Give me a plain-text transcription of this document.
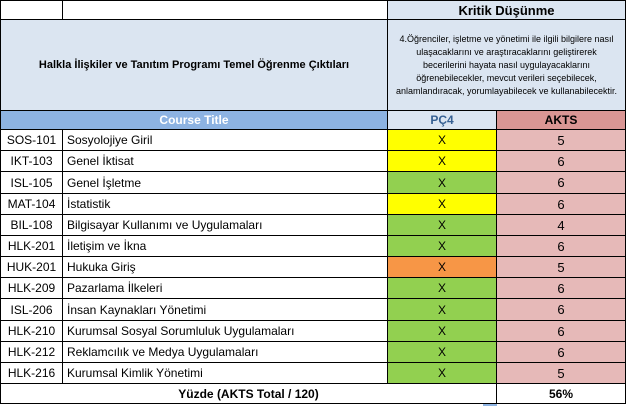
Kritik Düşünme
Halkla İlişkiler ve Tanıtım Programı Temel Öğrenme Çıktıları
4.Öğrenciler, işletme ve yönetimi ile ilgili bilgilere nasıl ulaşacaklarını ve araştıracaklarını geliştirerek becerilerini hayata nasıl uygulayacaklarını öğrenebilecekler, mevcut verileri seçebilecek, anlamlandıracak, yorumlayabilecek ve kullanabilecektir.
Course Title	PÇ4	AKTS
SOS-101 Sosyolojiye Giril	X	5
IKT-103	Genel İktisat	X	6
ISL-105	Genel İşletme	X	6
MAT-104 İstatistik	X	6
BIL-108	Bilgisayar Kullanımı ve Uygulamaları	X	4
HLK-201 İletişim ve İkna	X	6
HUK-201 Hukuka Giriş	X	5
HLK-209 Pazarlama İlkeleri	X	6
ISL-206	İnsan Kaynakları Yönetimi	X	6
HLK-210 Kurumsal Sosyal Sorumluluk Uygulamaları	X	6
HLK-212 Reklamcılık ve Medya Uygulamaları	X	6
HLK-216 Kurumsal Kimlik Yönetimi	X	5
Yüzde (AKTS Total / 120)	56%
